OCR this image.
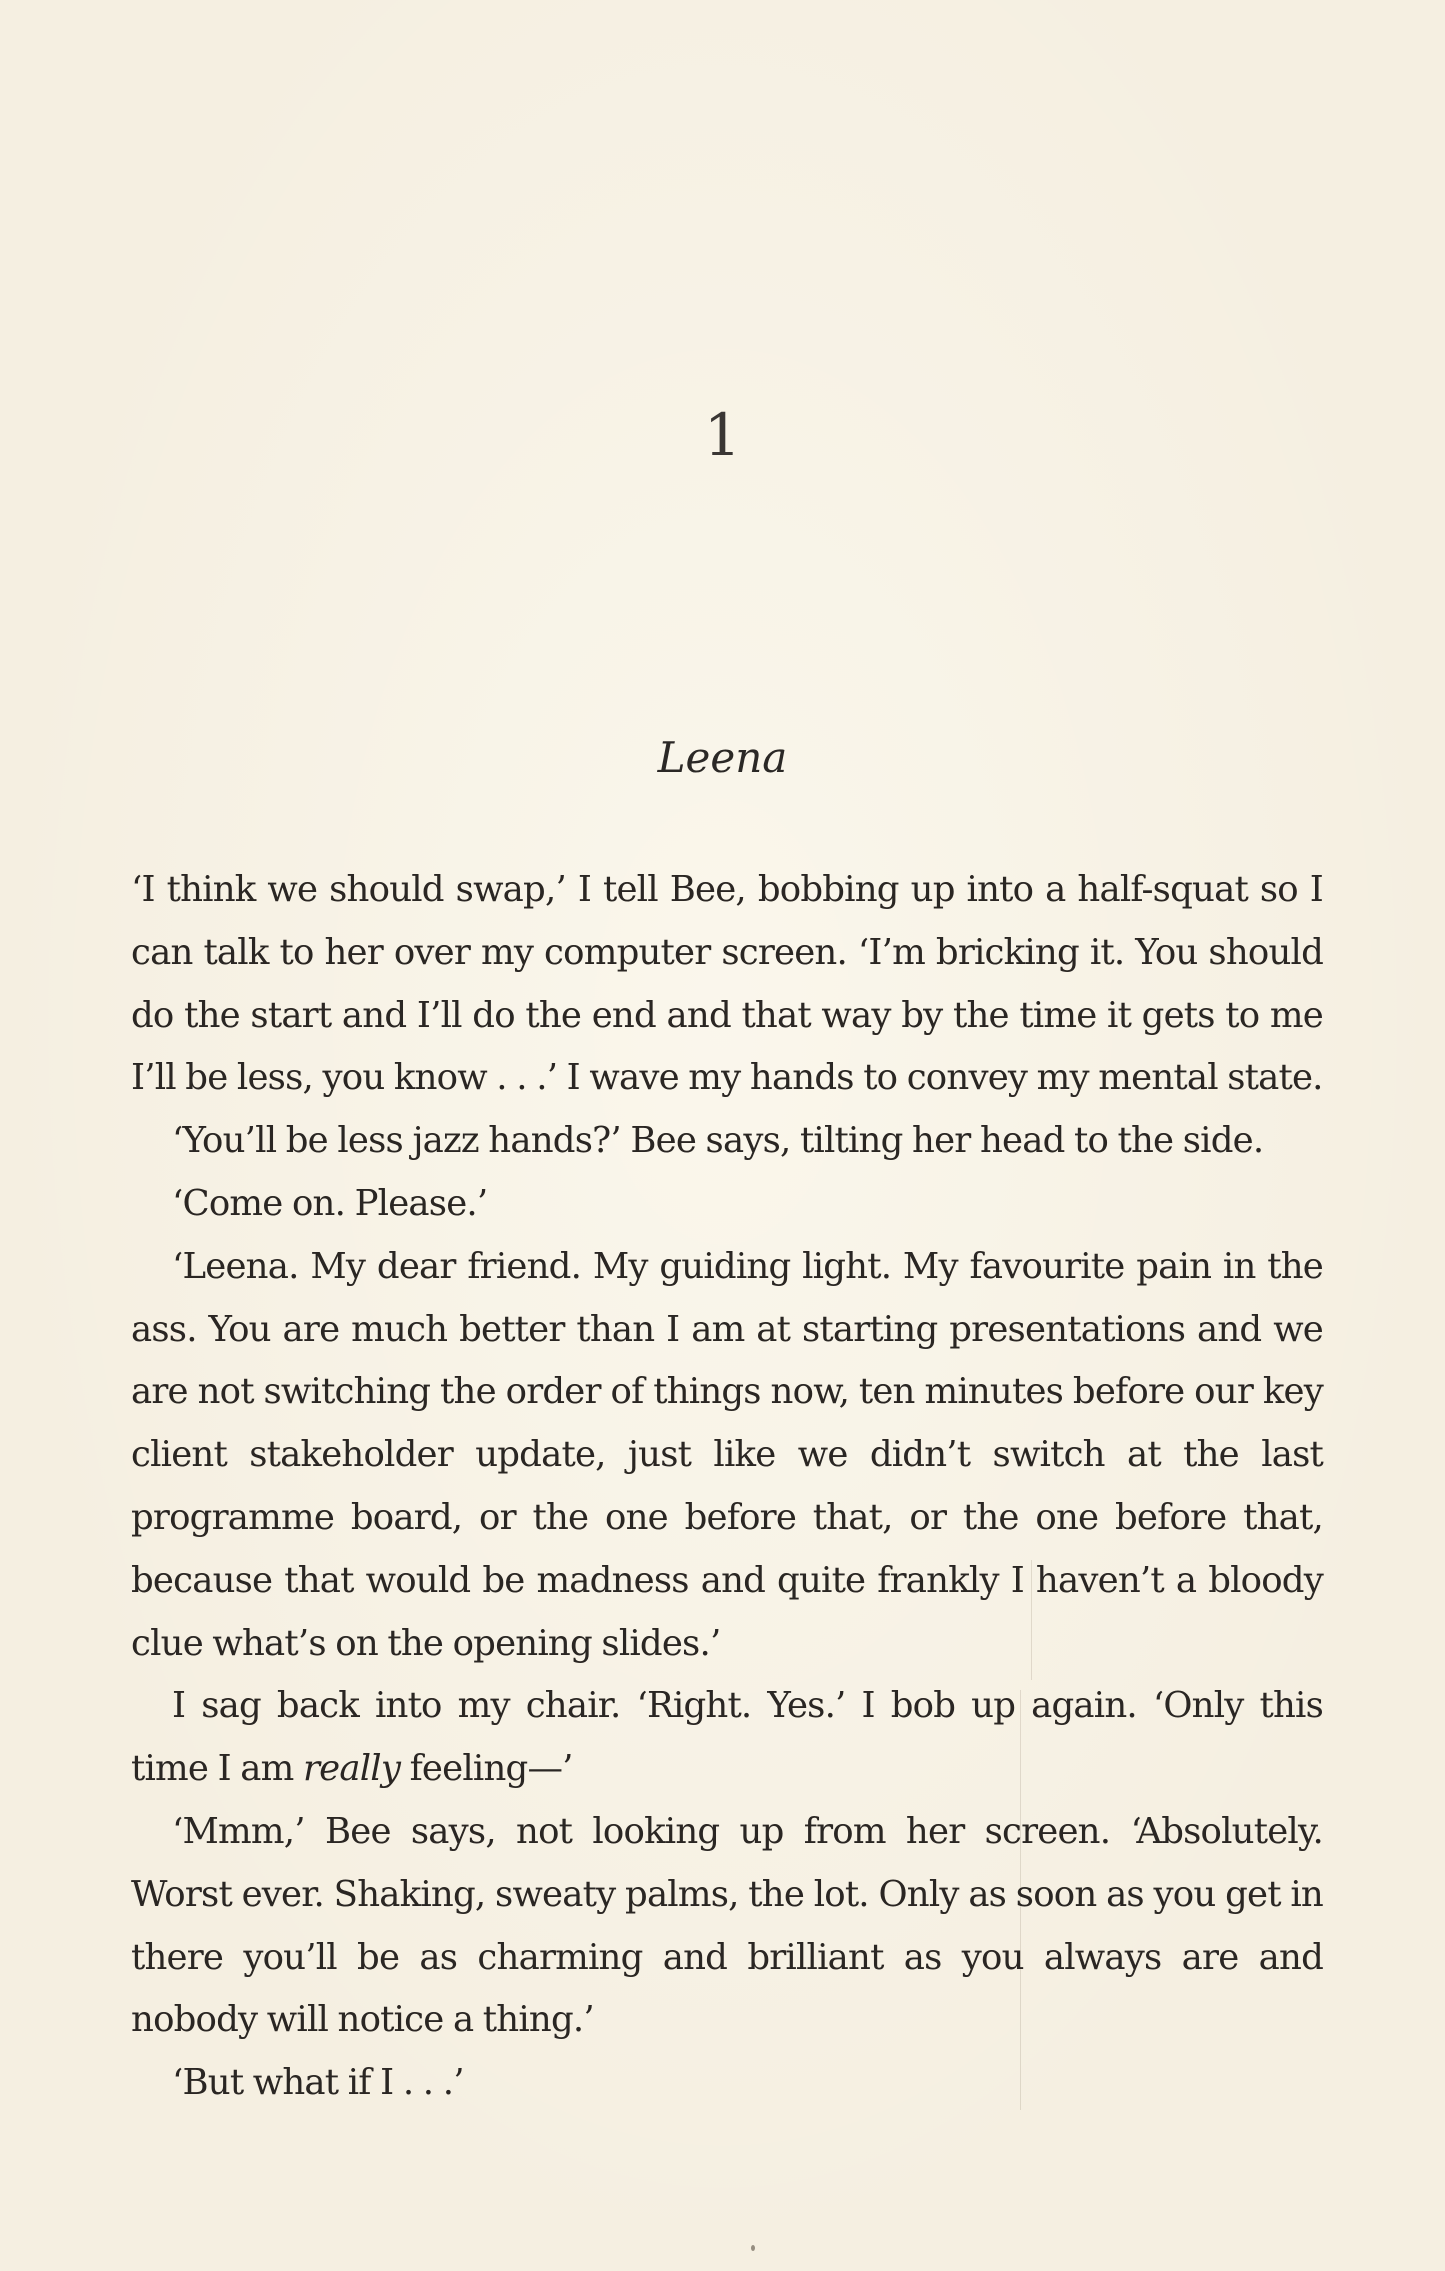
1
Leena

‘I think we should swap,’ I tell Bee, bobbing up into a half-squat so I can talk to her over my computer screen. ‘I’m bricking it. You should do the start and I’ll do the end and that way by the time it gets to me I’ll be less, you know . . .’ I wave my hands to convey my mental state.

‘You’ll be less jazz hands?’ Bee says, tilting her head to the side.

‘Come on. Please.’

‘Leena. My dear friend. My guiding light. My favourite pain in the ass. You are much better than I am at starting presentations and we are not switching the order of things now, ten minutes before our key client stakeholder update, just like we didn’t switch at the last programme board, or the one before that, or the one before that, because that would be madness and quite frankly I haven’t a bloody clue what’s on the opening slides.’

I sag back into my chair. ‘Right. Yes.’ I bob up again. ‘Only this time I am really feeling—’

‘Mmm,’ Bee says, not looking up from her screen. ‘Absolutely. Worst ever. Shaking, sweaty palms, the lot. Only as soon as you get in there you’ll be as charming and brilliant as you always are and nobody will notice a thing.’

‘But what if I . . .’
